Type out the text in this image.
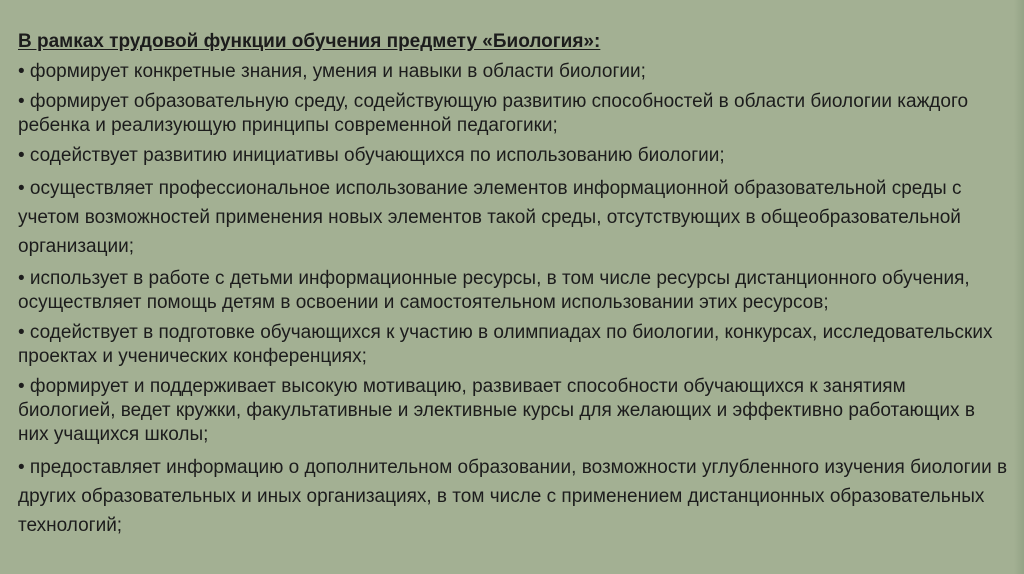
В рамках трудовой функции обучения предмету «Биология»:

• формирует конкретные знания, умения и навыки в области биологии;

• формирует образовательную среду, содействующую развитию способностей в области биологии каждого ребенка и реализующую принципы современной педагогики;

• содействует развитию инициативы обучающихся по использованию биологии;

• осуществляет профессиональное использование элементов информационной образовательной среды с учетом возможностей применения новых элементов такой среды, отсутствующих в общеобразовательной организации;

• использует в работе с детьми информационные ресурсы, в том числе ресурсы дистанционного обучения, осуществляет помощь детям в освоении и самостоятельном использовании этих ресурсов;

• содействует в подготовке обучающихся к участию в олимпиадах по биологии, конкурсах, исследовательских проектах и ученических конференциях;

• формирует и поддерживает высокую мотивацию, развивает способности обучающихся к занятиям биологией, ведет кружки, факультативные и элективные курсы для желающих и эффективно работающих в них учащихся школы;

• предоставляет информацию о дополнительном образовании, возможности углубленного изучения биологии в других образовательных и иных организациях, в том числе с применением дистанционных образовательных технологий;
